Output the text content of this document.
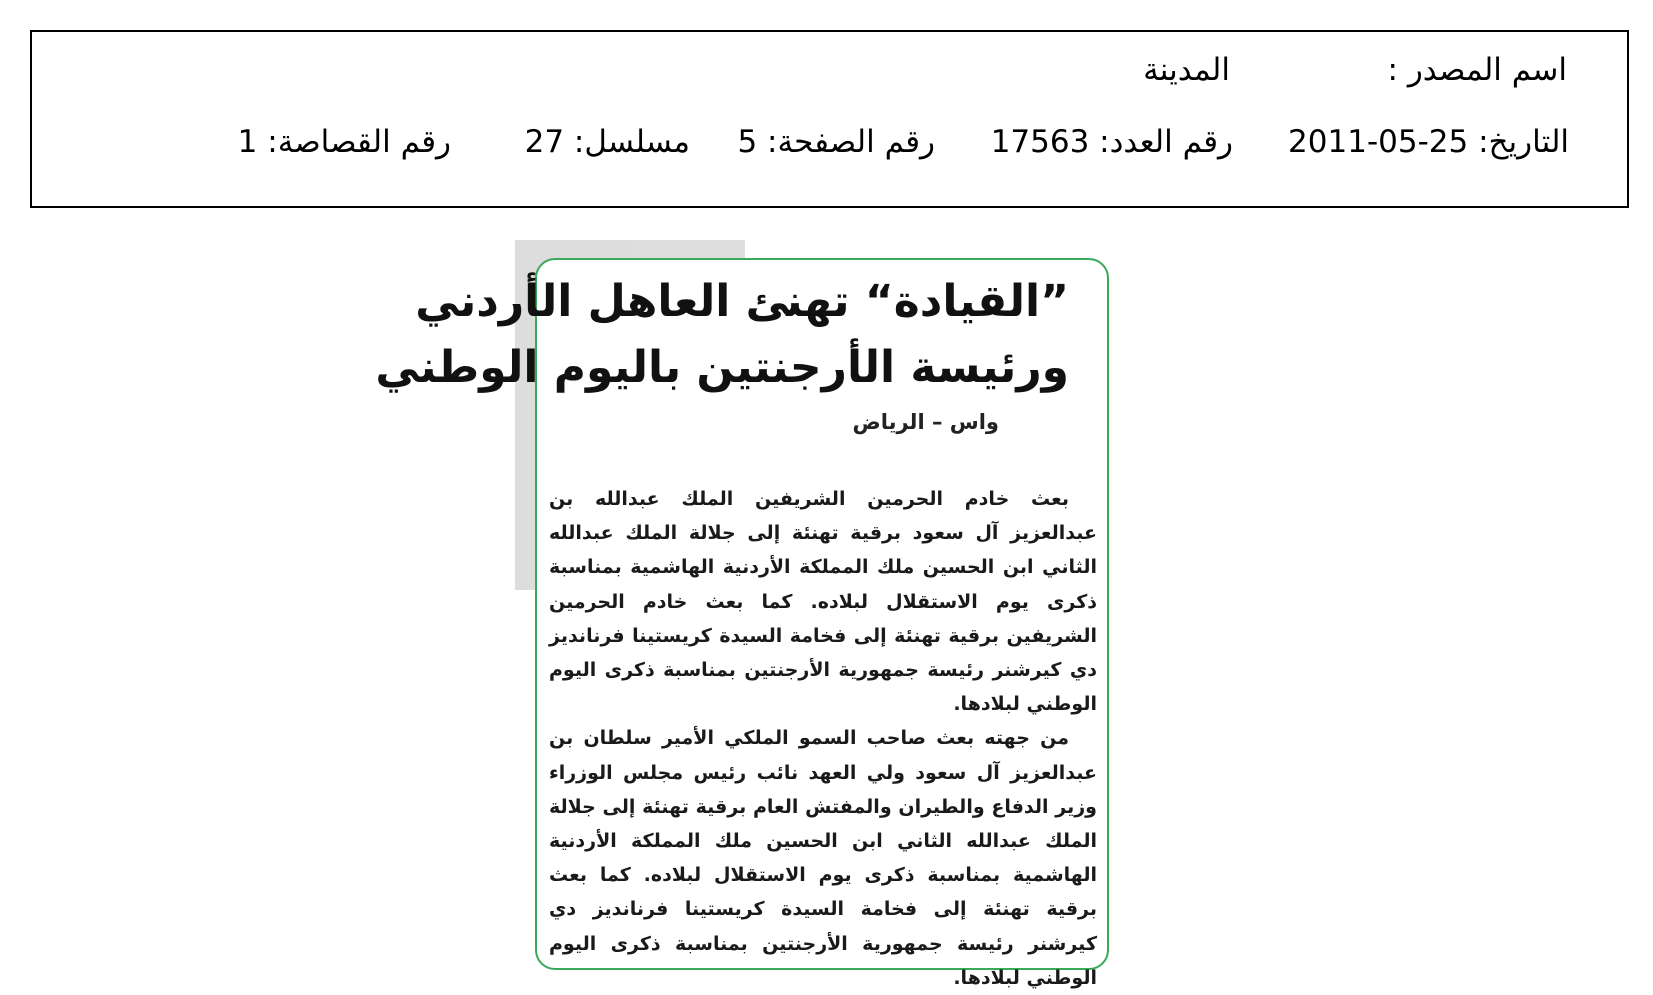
اسم المصدر :
المدينة
التاريخ: 25-05-2011
رقم العدد: 17563
رقم الصفحة: 5
مسلسل: 27
رقم القصاصة: 1
”القيادة“ تهنئ العاهل الأردني
ورئيسة الأرجنتين باليوم الوطني
واس – الرياض

بعث خادم الحرمين الشريفين الملك عبدالله بن عبدالعزيز آل سعود برقية تهنئة إلى جلالة الملك عبدالله الثاني ابن الحسين ملك المملكة الأردنية الهاشمية بمناسبة ذكرى يوم الاستقلال لبلاده. كما بعث خادم الحرمين الشريفين برقية تهنئة إلى فخامة السيدة كريستينا فرنانديز دي كيرشنر رئيسة جمهورية الأرجنتين بمناسبة ذكرى اليوم الوطني لبلادها.

من جهته بعث صاحب السمو الملكي الأمير سلطان بن عبدالعزيز آل سعود ولي العهد نائب رئيس مجلس الوزراء وزير الدفاع والطيران والمفتش العام برقية تهنئة إلى جلالة الملك عبدالله الثاني ابن الحسين ملك المملكة الأردنية الهاشمية بمناسبة ذكرى يوم الاستقلال لبلاده. كما بعث برقية تهنئة إلى فخامة السيدة كريستينا فرنانديز دي كيرشنر رئيسة جمهورية الأرجنتين بمناسبة ذكرى اليوم الوطني لبلادها.
